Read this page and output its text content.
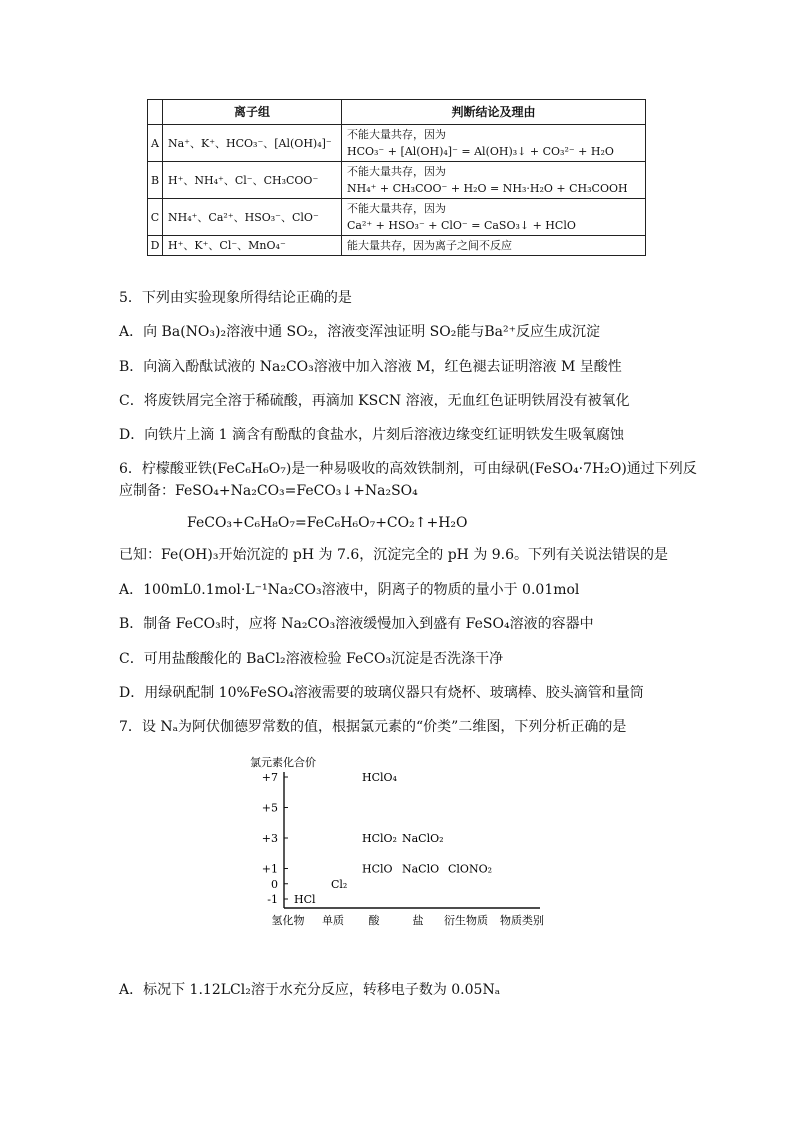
	离子组	判断结论及理由
A	Na⁺、K⁺、HCO₃⁻、[Al(OH)₄]⁻	不能大量共存，因为
HCO₃⁻ + [Al(OH)₄]⁻ = Al(OH)₃↓ + CO₃²⁻ + H₂O

B	H⁺、NH₄⁺、Cl⁻、CH₃COO⁻	不能大量共存，因为
NH₄⁺ + CH₃COO⁻ + H₂O = NH₃·H₂O + CH₃COOH

C	NH₄⁺、Ca²⁺、HSO₃⁻、ClO⁻	不能大量共存，因为
Ca²⁺ + HSO₃⁻ + ClO⁻ = CaSO₃↓ + HClO

D	H⁺、K⁺、Cl⁻、MnO₄⁻	能大量共存，因为离子之间不反应
5．下列由实验现象所得结论正确的是
A．向 Ba(NO₃)₂溶液中通 SO₂，溶液变浑浊证明 SO₂能与Ba²⁺反应生成沉淀
B．向滴入酚酞试液的 Na₂CO₃溶液中加入溶液 M，红色褪去证明溶液 M 呈酸性
C．将废铁屑完全溶于稀硫酸，再滴加 KSCN 溶液，无血红色证明铁屑没有被氧化
D．向铁片上滴 1 滴含有酚酞的食盐水，片刻后溶液边缘变红证明铁发生吸氧腐蚀
6．柠檬酸亚铁(FeC₆H₆O₇)是一种易吸收的高效铁制剂，可由绿矾(FeSO₄·7H₂O)通过下列反
应制备：FeSO₄+Na₂CO₃=FeCO₃↓+Na₂SO₄
FeCO₃+C₆H₈O₇=FeC₆H₆O₇+CO₂↑+H₂O
已知：Fe(OH)₃开始沉淀的 pH 为 7.6，沉淀完全的 pH 为 9.6。下列有关说法错误的是
A．100mL0.1mol·L⁻¹Na₂CO₃溶液中，阴离子的物质的量小于 0.01mol
B．制备 FeCO₃时，应将 Na₂CO₃溶液缓慢加入到盛有 FeSO₄溶液的容器中
C．可用盐酸酸化的 BaCl₂溶液检验 FeCO₃沉淀是否洗涤干净
D．用绿矾配制 10%FeSO₄溶液需要的玻璃仪器只有烧杯、玻璃棒、胶头滴管和量筒
7．设 Nₐ为阿伏伽德罗常数的值，根据氯元素的“价类”二维图，下列分析正确的是
+7
+5
+3
+1
0
-1
氢化物 单质 酸	盐 衍生物质
HCl
Cl₂
HClO₄
HClO₂
HClO
NaClO₂
NaClO ClONO₂
氯元素化合价
物质类别
A．标况下 1.12LCl₂溶于水充分反应，转移电子数为 0.05Nₐ
